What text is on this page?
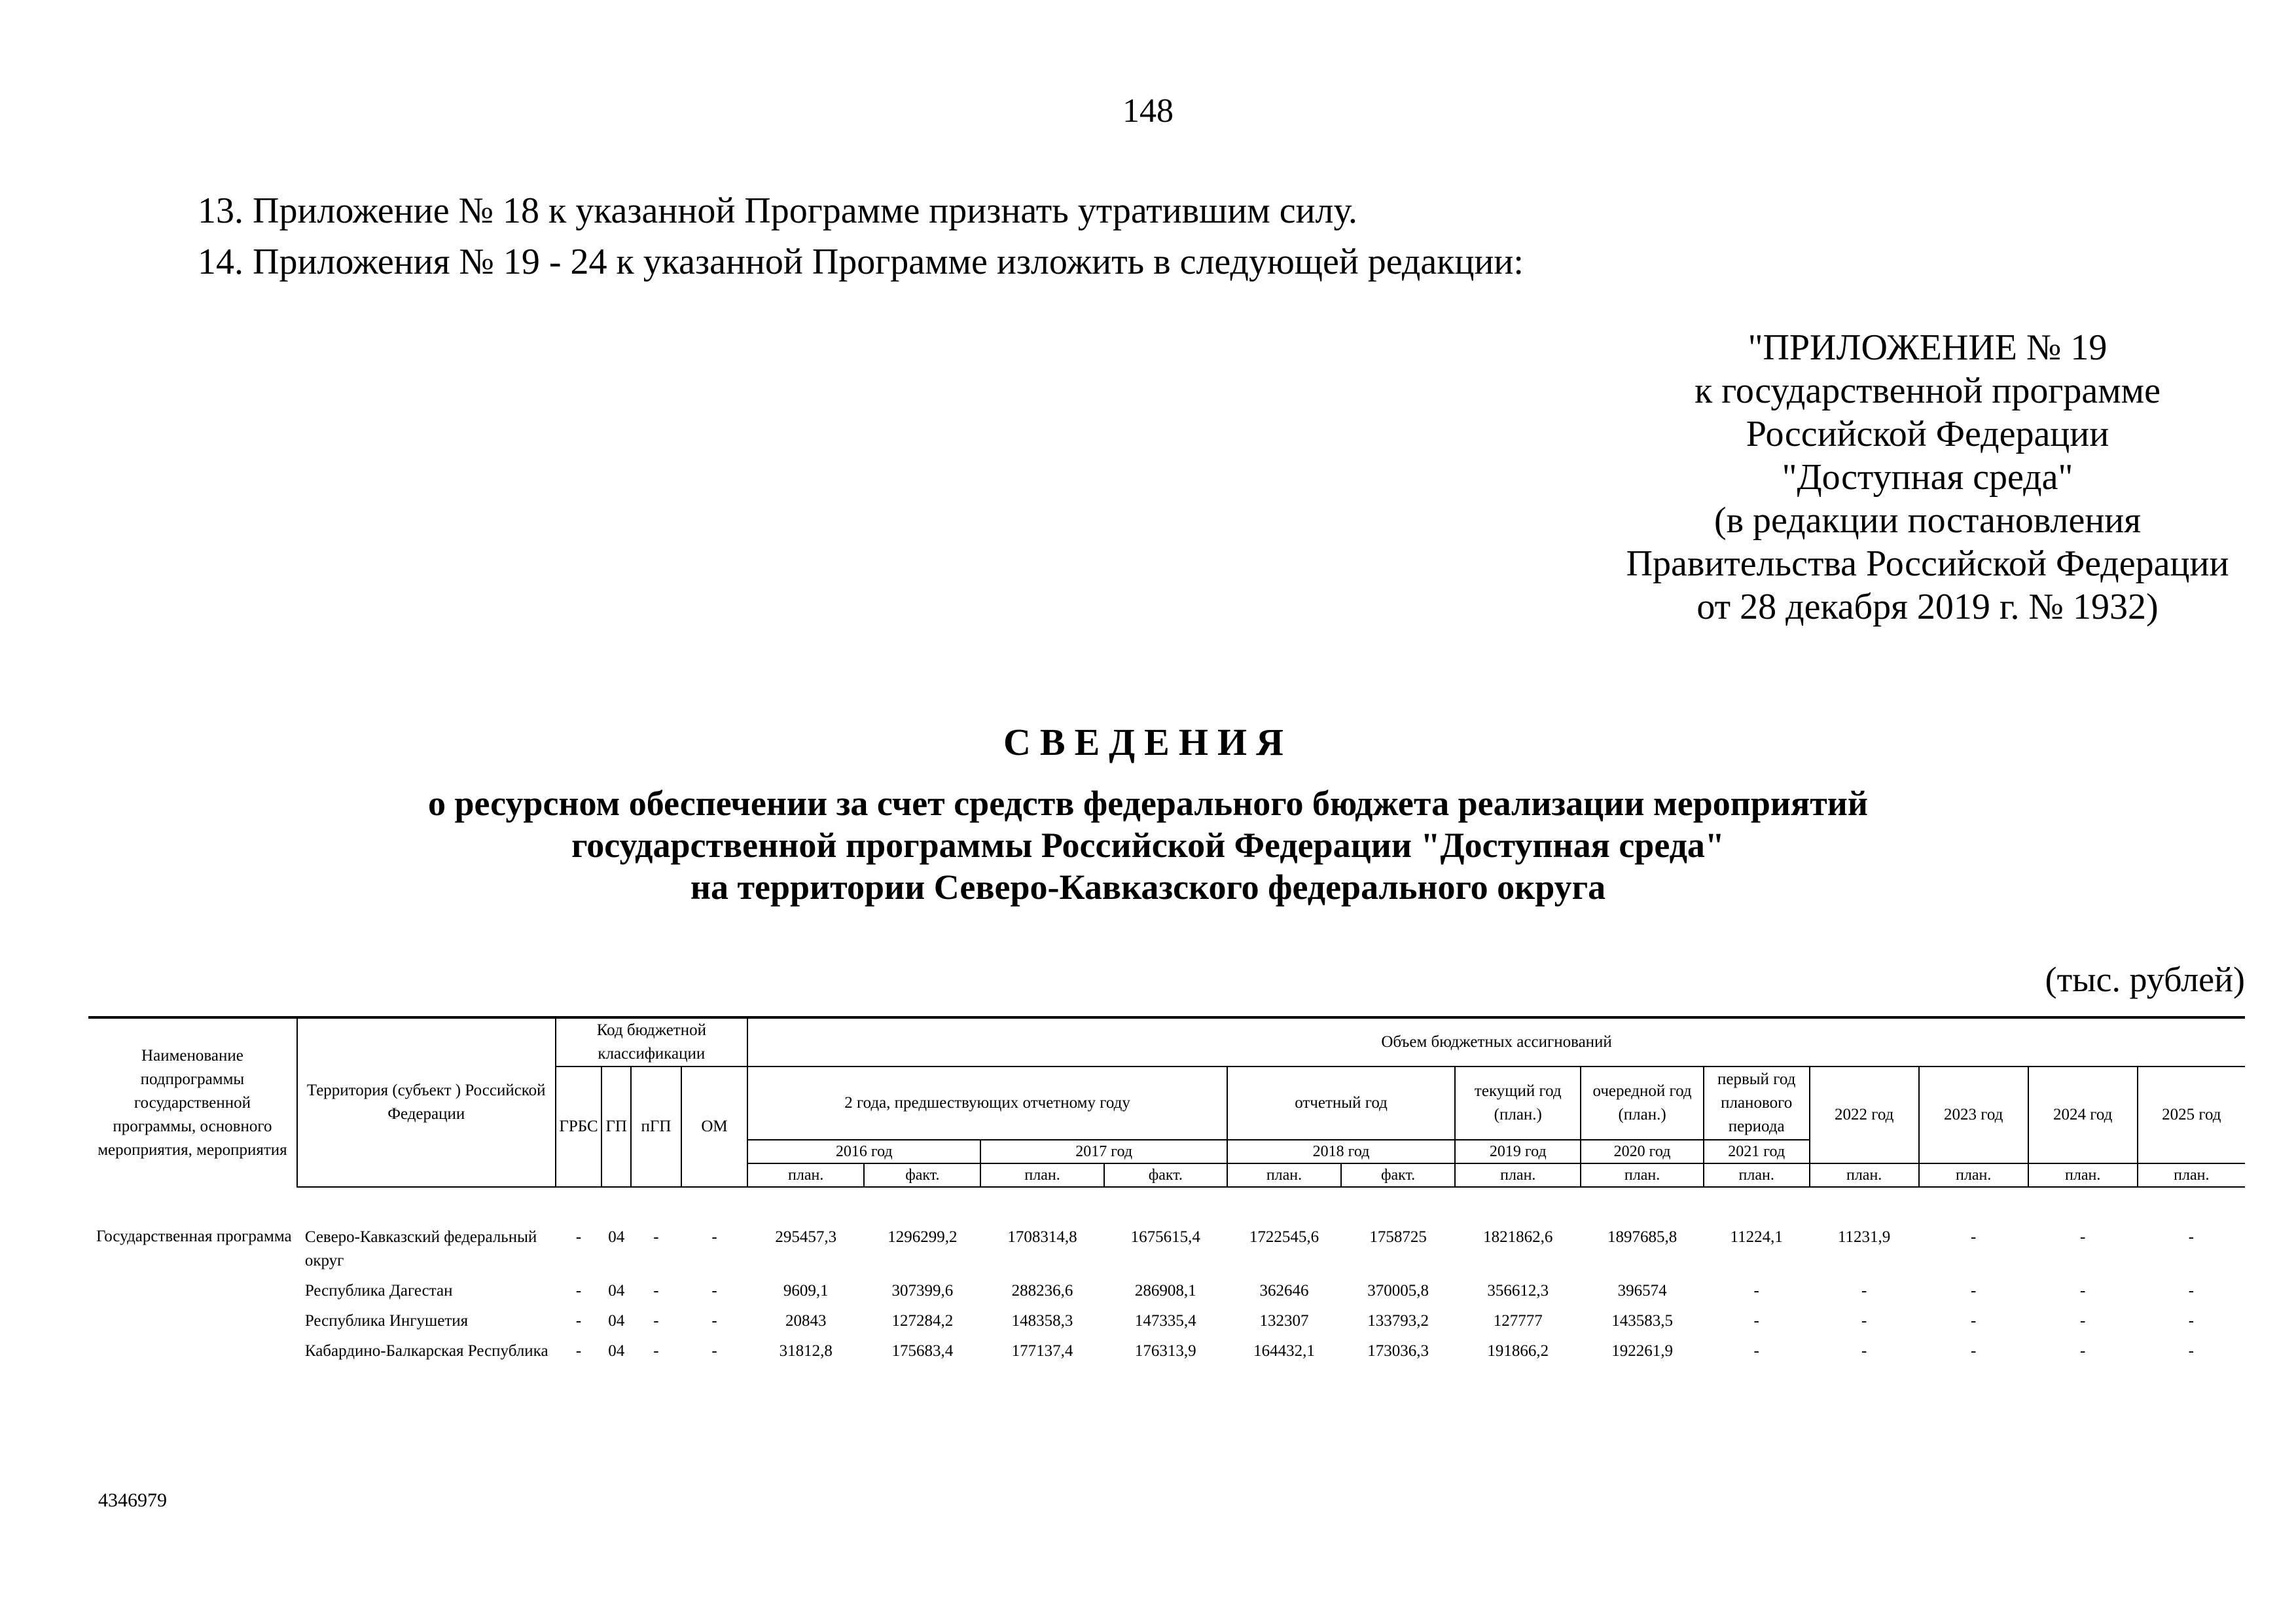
148
13. Приложение № 18 к указанной Программе признать утратившим силу.
14. Приложения № 19 - 24 к указанной Программе изложить в следующей редакции:
"ПРИЛОЖЕНИЕ № 19
к государственной программе
Российской Федерации
"Доступная среда"
(в редакции постановления
Правительства Российской Федерации
от 28 декабря 2019 г. № 1932)
СВЕДЕНИЯ
о ресурсном обеспечении за счет средств федерального бюджета реализации мероприятий
государственной программы Российской Федерации "Доступная среда"
на территории Северо-Кавказского федерального округа
(тыс. рублей)
Наименование подпрограммы государственной программы, основного мероприятия, мероприятия	Территория (субъект ) Российской Федерации	Код бюджетной классификации				Объем бюджетных ассигнований												
		ГРБС	ГП	пГП	ОМ	2 года, предшествующих отчетному году				отчетный год		текущий год (план.)	очередной год (план.)	первый год планового периода	2022 год	2023 год	2024 год	2025 год
						2016 год		2017 год		2018 год		2019 год	2020 год	2021 год				
						план.	факт.	план.	факт.	план.	факт.	план.	план.	план.	план.	план.	план.	план.
Государственная программа	Северо-Кавказский федеральный округ	-	04	-	-	295457,3	1296299,2	1708314,8	1675615,4	1722545,6	1758725	1821862,6	1897685,8	11224,1	11231,9	-	-	-
	Республика Дагестан	-	04	-	-	9609,1	307399,6	288236,6	286908,1	362646	370005,8	356612,3	396574	-	-	-	-	-
	Республика Ингушетия	-	04	-	-	20843	127284,2	148358,3	147335,4	132307	133793,2	127777	143583,5	-	-	-	-	-
	Кабардино-Балкарская Республика	-	04	-	-	31812,8	175683,4	177137,4	176313,9	164432,1	173036,3	191866,2	192261,9	-	-	-	-	-
4346979
